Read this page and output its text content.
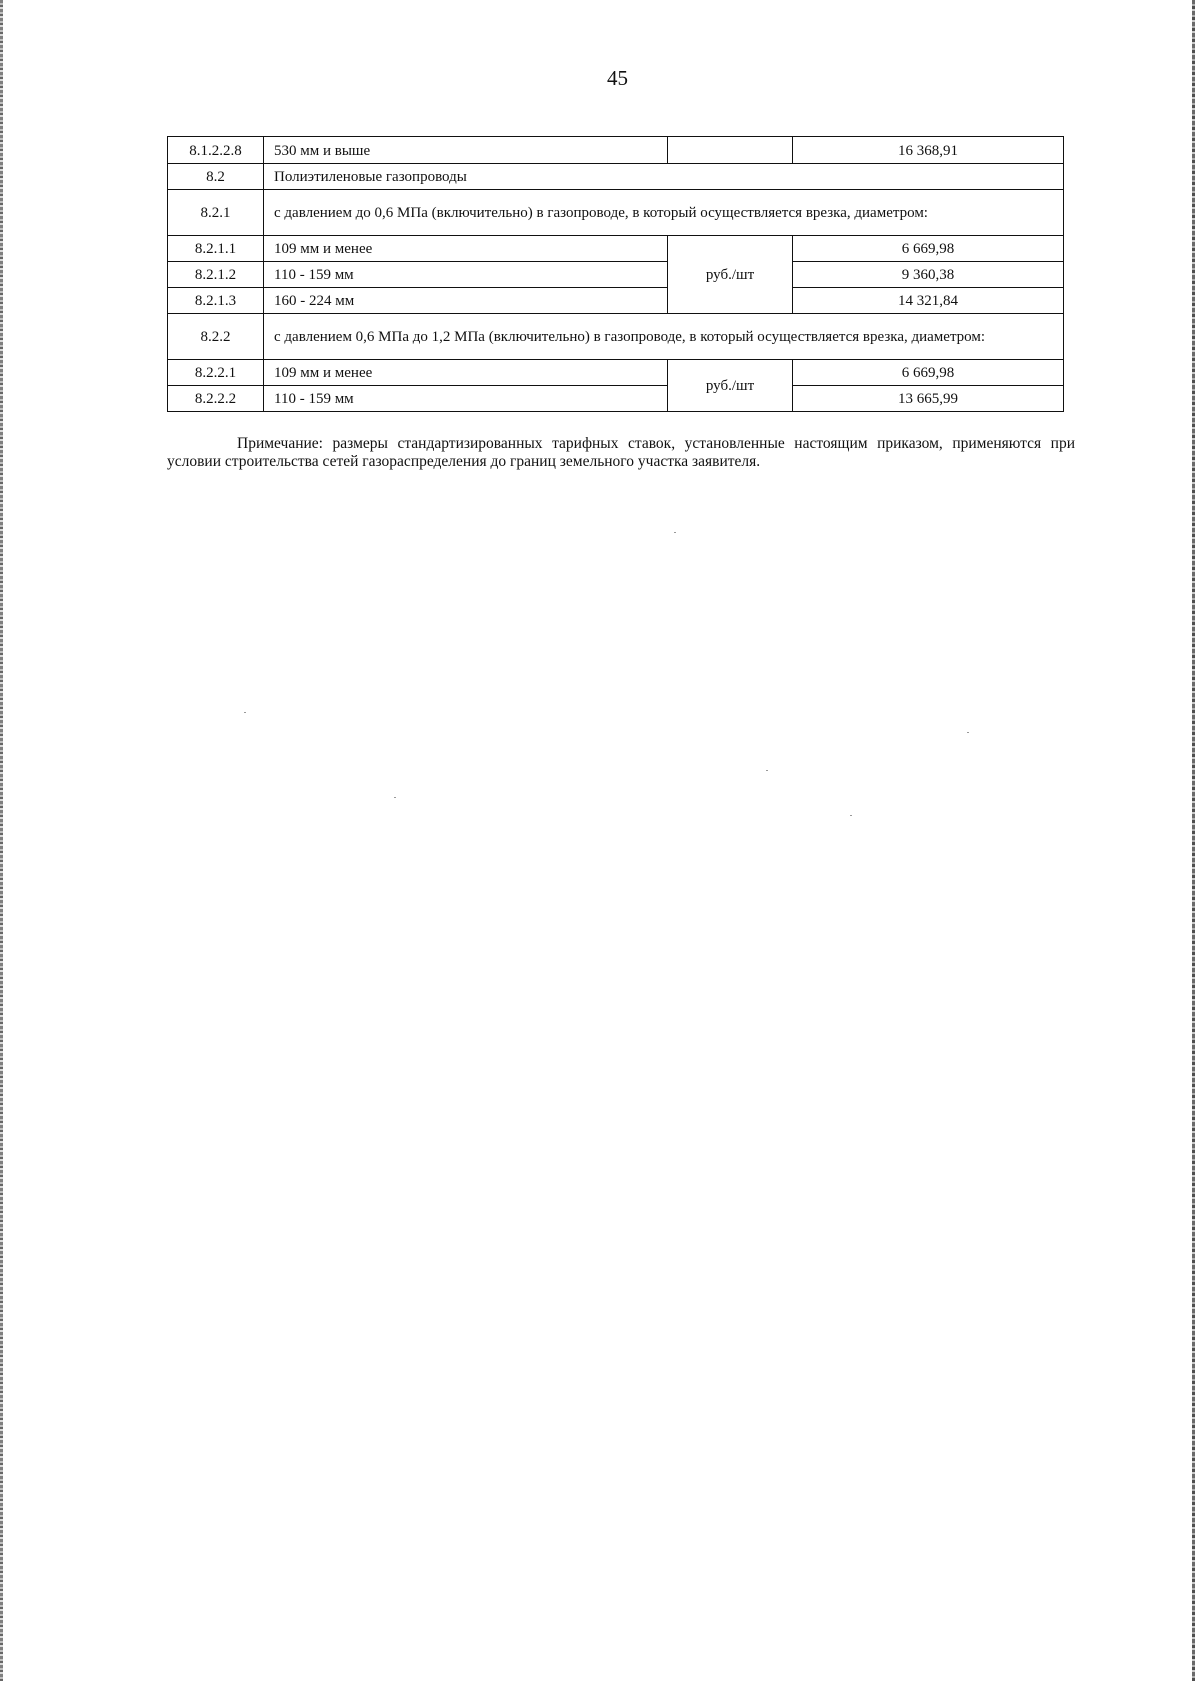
45
8.1.2.2.8	530 мм и выше		16 368,91
8.2	Полиэтиленовые газопроводы		
8.2.1	с давлением до 0,6 МПа (включительно) в газопроводе, в который осуществляется врезка, диаметром:		
8.2.1.1	109 мм и менее	руб./шт	6 669,98
8.2.1.2	110 - 159 мм		9 360,38
8.2.1.3	160 - 224 мм		14 321,84
8.2.2	с давлением 0,6 МПа до 1,2 МПа (включительно) в газопроводе, в который осуществляется врезка, диаметром:		
8.2.2.1	109 мм и менее	руб./шт	6 669,98
8.2.2.2	110 - 159 мм		13 665,99

Примечание: размеры стандартизированных тарифных ставок, установленные настоящим приказом, применяются при условии строительства сетей газораспределения до границ земельного участка заявителя.
